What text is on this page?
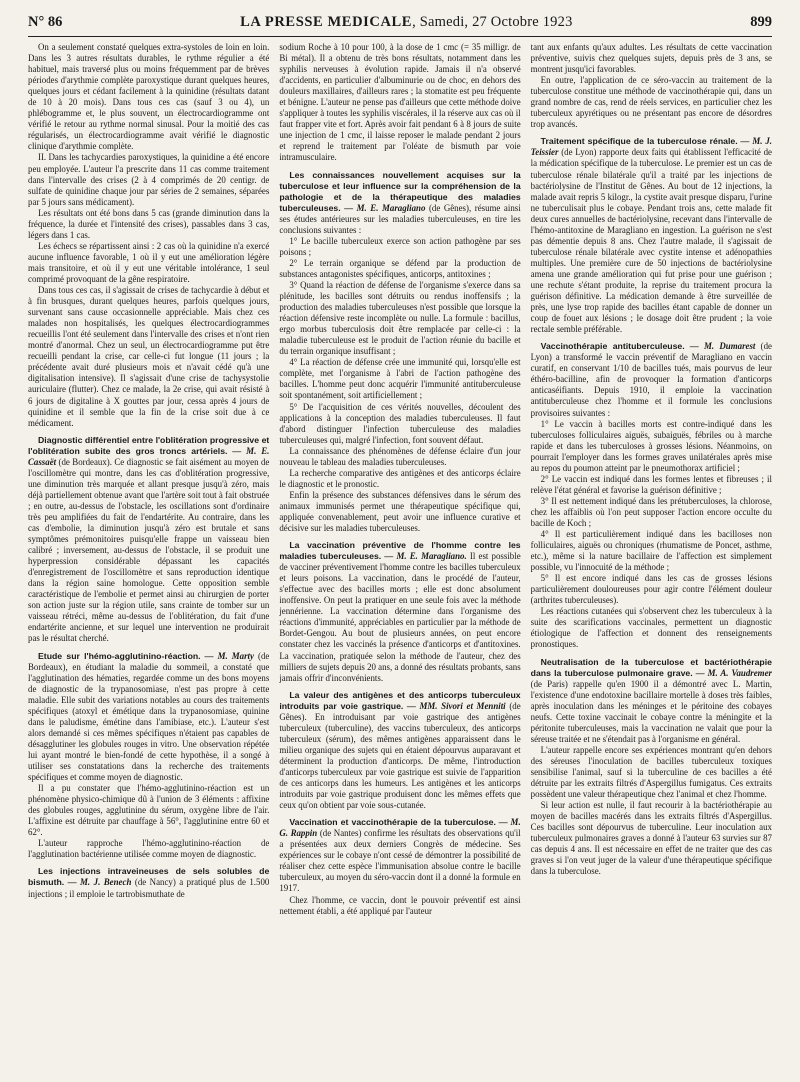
N° 86	LA PRESSE MEDICALE, Samedi, 27 Octobre 1923	899

On a seulement constaté quelques extra-systoles de loin en loin. Dans les 3 autres résultats durables, le rythme régulier a été habituel, mais traversé plus ou moins fréquemment par de brèves périodes d'arythmie complète paroxystique durant quelques heures, quelques jours et cédant facilement à la quinidine (résultats datant de 10 à 20 mois). Dans tous ces cas (sauf 3 ou 4), un phlébogramme et, le plus souvent, un électrocardiogramme ont vérifié le retour au rythme normal sinusal. Pour la moitié des cas régularisés, un électrocardiogramme avait vérifié le diagnostic clinique d'arythmie complète.

II. Dans les tachycardies paroxystiques, la quinidine a été encore peu employée. L'auteur l'a prescrite dans 11 cas comme traitement dans l'intervalle des crises (2 à 4 comprimés de 20 centigr. de sulfate de quinidine chaque jour par séries de 2 semaines, séparées par 5 jours sans médicament).

Les résultats ont été bons dans 5 cas (grande diminution dans la fréquence, la durée et l'intensité des crises), passables dans 3 cas, légers dans 1 cas.

Les échecs se répartissent ainsi : 2 cas où la quinidine n'a exercé aucune influence favorable, 1 où il y eut une amélioration légère mais transitoire, et où il y eut une véritable intolérance, 1 seul comprimé provoquant de la gêne respiratoire.

Dans tous ces cas, il s'agissait de crises de tachycardie à début et à fin brusques, durant quelques heures, parfois quelques jours, survenant sans cause occasionnelle appréciable. Mais chez ces malades non hospitalisés, les quelques électrocardiogrammes recueillis l'ont été seulement dans l'intervalle des crises et n'ont rien montré d'anormal. Chez un seul, un électrocardiogramme put être recueilli pendant la crise, car celle-ci fut longue (11 jours ; la précédente avait duré plusieurs mois et n'avait cédé qu'à une digitalisation intensive). Il s'agissait d'une crise de tachysystolie auriculaire (flutter). Chez ce malade, la 2e crise, qui avait résisté à 6 jours de digitaline à X gouttes par jour, cessa après 4 jours de quinidine et il semble que la fin de la crise soit due à ce médicament.

Diagnostic différentiel entre l'oblitération progressive et l'oblitération subite des gros troncs artériels. — M. E. Cassaët (de Bordeaux). Ce diagnostic se fait aisément au moyen de l'oscillomètre qui montre, dans les cas d'oblitération progressive, une diminution très marquée et allant presque jusqu'à zéro, mais déjà partiellement obtenue avant que l'artère soit tout à fait obstruée ; en outre, au-dessus de l'obstacle, les oscillations sont d'ordinaire très peu amplifiées du fait de l'endartérite. Au contraire, dans les cas d'embolie, la diminution jusqu'à zéro est brutale et sans symptômes prémonitoires puisqu'elle frappe un vaisseau bien calibré ; inversement, au-dessus de l'obstacle, il se produit une hyperpression considérable dépassant les capacités d'enregistrement de l'oscillomètre et sans reproduction identique dans la région saine homologue. Cette opposition semble caractéristique de l'embolie et permet ainsi au chirurgien de porter son action juste sur la région utile, sans crainte de tomber sur un vaisseau rétréci, même au-dessus de l'oblitération, du fait d'une endartérite ancienne, et sur lequel une intervention ne produirait pas le résultat cherché.

Etude sur l'hémo-agglutinino-réaction. — M. Marty (de Bordeaux), en étudiant la maladie du sommeil, a constaté que l'agglutination des hématies, regardée comme un des bons moyens de diagnostic de la trypanosomiase, n'est pas propre à cette maladie. Elle subit des variations notables au cours des traitements spécifiques (atoxyl et émétique dans la trypanosomiase, quinine dans le paludisme, émétine dans l'amibiase, etc.). L'auteur s'est alors demandé si ces mêmes spécifiques n'étaient pas capables de désagglutiner les globules rouges in vitro. Une observation répétée lui ayant montré le bien-fondé de cette hypothèse, il a songé à utiliser ses constatations dans la recherche des traitements spécifiques et comme moyen de diagnostic.

Il a pu constater que l'hémo-agglutinino-réaction est un phénomène physico-chimique dû à l'union de 3 éléments : affixine des globules rouges, agglutinine du sérum, oxygène libre de l'air. L'affixine est détruite par chauffage à 56°, l'agglutinine entre 60 et 62°.

L'auteur rapproche l'hémo-agglutinino-réaction de l'agglutination bactérienne utilisée comme moyen de diagnostic.

Les injections intraveineuses de sels solubles de bismuth. — M. J. Benech (de Nancy) a pratiqué plus de 1.500 injections ; il emploie le tartrobismuthate de

sodium Roche à 10 pour 100, à la dose de 1 cmc (= 35 milligr. de Bi métal). Il a obtenu de très bons résultats, notamment dans les syphilis nerveuses à évolution rapide. Jamais il n'a observé d'accidents, en particulier d'albuminurie ou de choc, en dehors des douleurs maxillaires, d'ailleurs rares ; la stomatite est peu fréquente et bénigne. L'auteur ne pense pas d'ailleurs que cette méthode doive s'appliquer à toutes les syphilis viscérales, il la réserve aux cas où il faut frapper vite et fort. Après avoir fait pendant 6 à 8 jours de suite une injection de 1 cmc, il laisse reposer le malade pendant 2 jours et reprend le traitement par l'oléate de bismuth par voie intramusculaire.

Les connaissances nouvellement acquises sur la tuberculose et leur influence sur la compréhension de la pathologie et de la thérapeutique des maladies tuberculeuses. — M. E. Maragliano (de Gênes), résume ainsi ses études antérieures sur les maladies tuberculeuses, en tire les conclusions suivantes :

1° Le bacille tuberculeux exerce son action pathogène par ses poisons ;

2° Le terrain organique se défend par la production de substances antagonistes spécifiques, anticorps, antitoxines ;

3° Quand la réaction de défense de l'organisme s'exerce dans sa plénitude, les bacilles sont détruits ou rendus inoffensifs ; la production des maladies tuberculeuses n'est possible que lorsque la réaction défensive reste incomplète ou nulle. La formule : bacillus, ergo morbus tuberculosis doit être remplacée par celle-ci : la maladie tuberculeuse est le produit de l'action réunie du bacille et du terrain organique insuffisant ;

4° La réaction de défense crée une immunité qui, lorsqu'elle est complète, met l'organisme à l'abri de l'action pathogène des bacilles. L'homme peut donc acquérir l'immunité antituberculeuse soit spontanément, soit artificiellement ;

5° De l'acquisition de ces vérités nouvelles, découlent des applications à la conception des maladies tuberculeuses. Il faut d'abord distinguer l'infection tuberculeuse des maladies tuberculeuses qui, malgré l'infection, font souvent défaut.

La connaissance des phénomènes de défense éclaire d'un jour nouveau le tableau des maladies tuberculeuses.

La recherche comparative des antigènes et des anticorps éclaire le diagnostic et le pronostic.

Enfin la présence des substances défensives dans le sérum des animaux immunisés permet une thérapeutique spécifique qui, appliquée convenablement, peut avoir une influence curative et décisive sur les maladies tuberculeuses.

La vaccination préventive de l'homme contre les maladies tuberculeuses. — M. E. Maragliano. Il est possible de vacciner préventivement l'homme contre les bacilles tuberculeux et leurs poisons. La vaccination, dans le procédé de l'auteur, s'effectue avec des bacilles morts ; elle est donc absolument inoffensive. On peut la pratiquer en une seule fois avec la méthode jennérienne. La vaccination détermine dans l'organisme des réactions d'immunité, appréciables en particulier par la méthode de Bordet-Gengou. Au bout de plusieurs années, on peut encore constater chez les vaccinés la présence d'anticorps et d'antitoxines. La vaccination, pratiquée selon la méthode de l'auteur, chez des milliers de sujets depuis 20 ans, a donné des résultats probants, sans jamais offrir d'inconvénients.

La valeur des antigènes et des anticorps tuberculeux introduits par voie gastrique. — MM. Sivori et Menniti (de Gênes). En introduisant par voie gastrique des antigènes tuberculeux (tuberculine), des vaccins tuberculeux, des anticorps tuberculeux (sérum), des mêmes antigènes apparaissent dans le milieu organique des sujets qui en étaient dépourvus auparavant et déterminent la production d'anticorps. De même, l'introduction d'anticorps tuberculeux par voie gastrique est suivie de l'apparition de ces anticorps dans les humeurs. Les antigènes et les anticorps introduits par voie gastrique produisent donc les mêmes effets que ceux qu'on obtient par voie sous-cutanée.

Vaccination et vaccinothérapie de la tuberculose. — M. G. Rappin (de Nantes) confirme les résultats des observations qu'il a présentées aux deux derniers Congrès de médecine. Ses expériences sur le cobaye n'ont cessé de démontrer la possibilité de réaliser chez cette espèce l'immunisation absolue contre le bacille tuberculeux, au moyen du séro-vaccin dont il a donné la formule en 1917.

Chez l'homme, ce vaccin, dont le pouvoir préventif est ainsi nettement établi, a été appliqué par l'auteur

tant aux enfants qu'aux adultes. Les résultats de cette vaccination préventive, suivis chez quelques sujets, depuis près de 3 ans, se montrent jusqu'ici favorables.

En outre, l'application de ce séro-vaccin au traitement de la tuberculose constitue une méthode de vaccinothérapie qui, dans un grand nombre de cas, rend de réels services, en particulier chez les tuberculeux apyrétiques ou ne présentant pas encore de désordres trop avancés.

Traitement spécifique de la tuberculose rénale. — M. J. Teissier (de Lyon) rapporte deux faits qui établissent l'efficacité de la médication spécifique de la tuberculose. Le premier est un cas de tuberculose rénale bilatérale qu'il a traité par les injections de bactériolysine de l'Institut de Gênes. Au bout de 12 injections, la malade avait repris 5 kilogr., la cystite avait presque disparu, l'urine ne tuberculisait plus le cobaye. Pendant trois ans, cette malade fit deux cures annuelles de bactériolysine, recevant dans l'intervalle de l'hémo-antitoxine de Maragliano en ingestion. La guérison ne s'est pas démentie depuis 8 ans. Chez l'autre malade, il s'agissait de tuberculose rénale bilatérale avec cystite intense et adénopathies multiples. Une première cure de 50 injections de bactériolysine amena une grande amélioration qui fut prise pour une guérison ; une rechute s'étant produite, la reprise du traitement procura la guérison définitive. La médication demande à être surveillée de près, une lyse trop rapide des bacilles étant capable de donner un coup de fouet aux lésions ; le dosage doit être prudent ; la voie rectale semble préférable.

Vaccinothérapie antituberculeuse. — M. Dumarest (de Lyon) a transformé le vaccin préventif de Maragliano en vaccin curatif, en conservant 1/10 de bacilles tués, mais pourvus de leur éthéro-bacilline, afin de provoquer la formation d'anticorps anticaséifiants. Depuis 1910, il emploie la vaccination antituberculeuse chez l'homme et il formule les conclusions provisoires suivantes :

1° Le vaccin à bacilles morts est contre-indiqué dans les tuberculoses folliculaires aiguës, subaiguës, fébriles ou à marche rapide et dans les tuberculoses à grosses lésions. Néanmoins, on pourrait l'employer dans les formes graves unilatérales après mise au repos du poumon atteint par le pneumothorax artificiel ;

2° Le vaccin est indiqué dans les formes lentes et fibreuses ; il relève l'état général et favorise la guérison définitive ;

3° Il est nettement indiqué dans les prétuberculoses, la chlorose, chez les affaiblis où l'on peut supposer l'action encore occulte du bacille de Koch ;

4° Il est particulièrement indiqué dans les bacilloses non folliculaires, aiguës ou chroniques (rhumatisme de Poncet, asthme, etc.), même si la nature bacillaire de l'affection est simplement possible, vu l'innocuité de la méthode ;

5° Il est encore indiqué dans les cas de grosses lésions particulièrement douloureuses pour agir contre l'élément douleur (arthrites tuberculeuses).

Les réactions cutanées qui s'observent chez les tuberculeux à la suite des scarifications vaccinales, permettent un diagnostic étiologique de l'affection et donnent des renseignements pronostiques.

Neutralisation de la tuberculose et bactériothérapie dans la tuberculose pulmonaire grave. — M. A. Vaudremer (de Paris) rappelle qu'en 1900 il a démontré avec L. Martin, l'existence d'une endotoxine bacillaire mortelle à doses très faibles, après inoculation dans les méninges et le péritoine des cobayes neufs. Cette toxine vaccinait le cobaye contre la méningite et la péritonite tuberculeuses, mais la vaccination ne valait que pour la séreuse traitée et ne s'étendait pas à l'organisme en général.

L'auteur rappelle encore ses expériences montrant qu'en dehors des séreuses l'inoculation de bacilles tuberculeux toxiques sensibilise l'animal, sauf si la tuberculine de ces bacilles a été détruite par les extraits filtrés d'Aspergillus fumigatus. Ces extraits possèdent une valeur thérapeutique chez l'animal et chez l'homme.

Si leur action est nulle, il faut recourir à la bactériothérapie au moyen de bacilles macérés dans les extraits filtrés d'Aspergillus. Ces bacilles sont dépourvus de tuberculine. Leur inoculation aux tuberculeux pulmonaires graves a donné à l'auteur 63 survies sur 87 cas depuis 4 ans. Il est nécessaire en effet de ne traiter que des cas graves si l'on veut juger de la valeur d'une thérapeutique spécifique dans la tuberculose.
